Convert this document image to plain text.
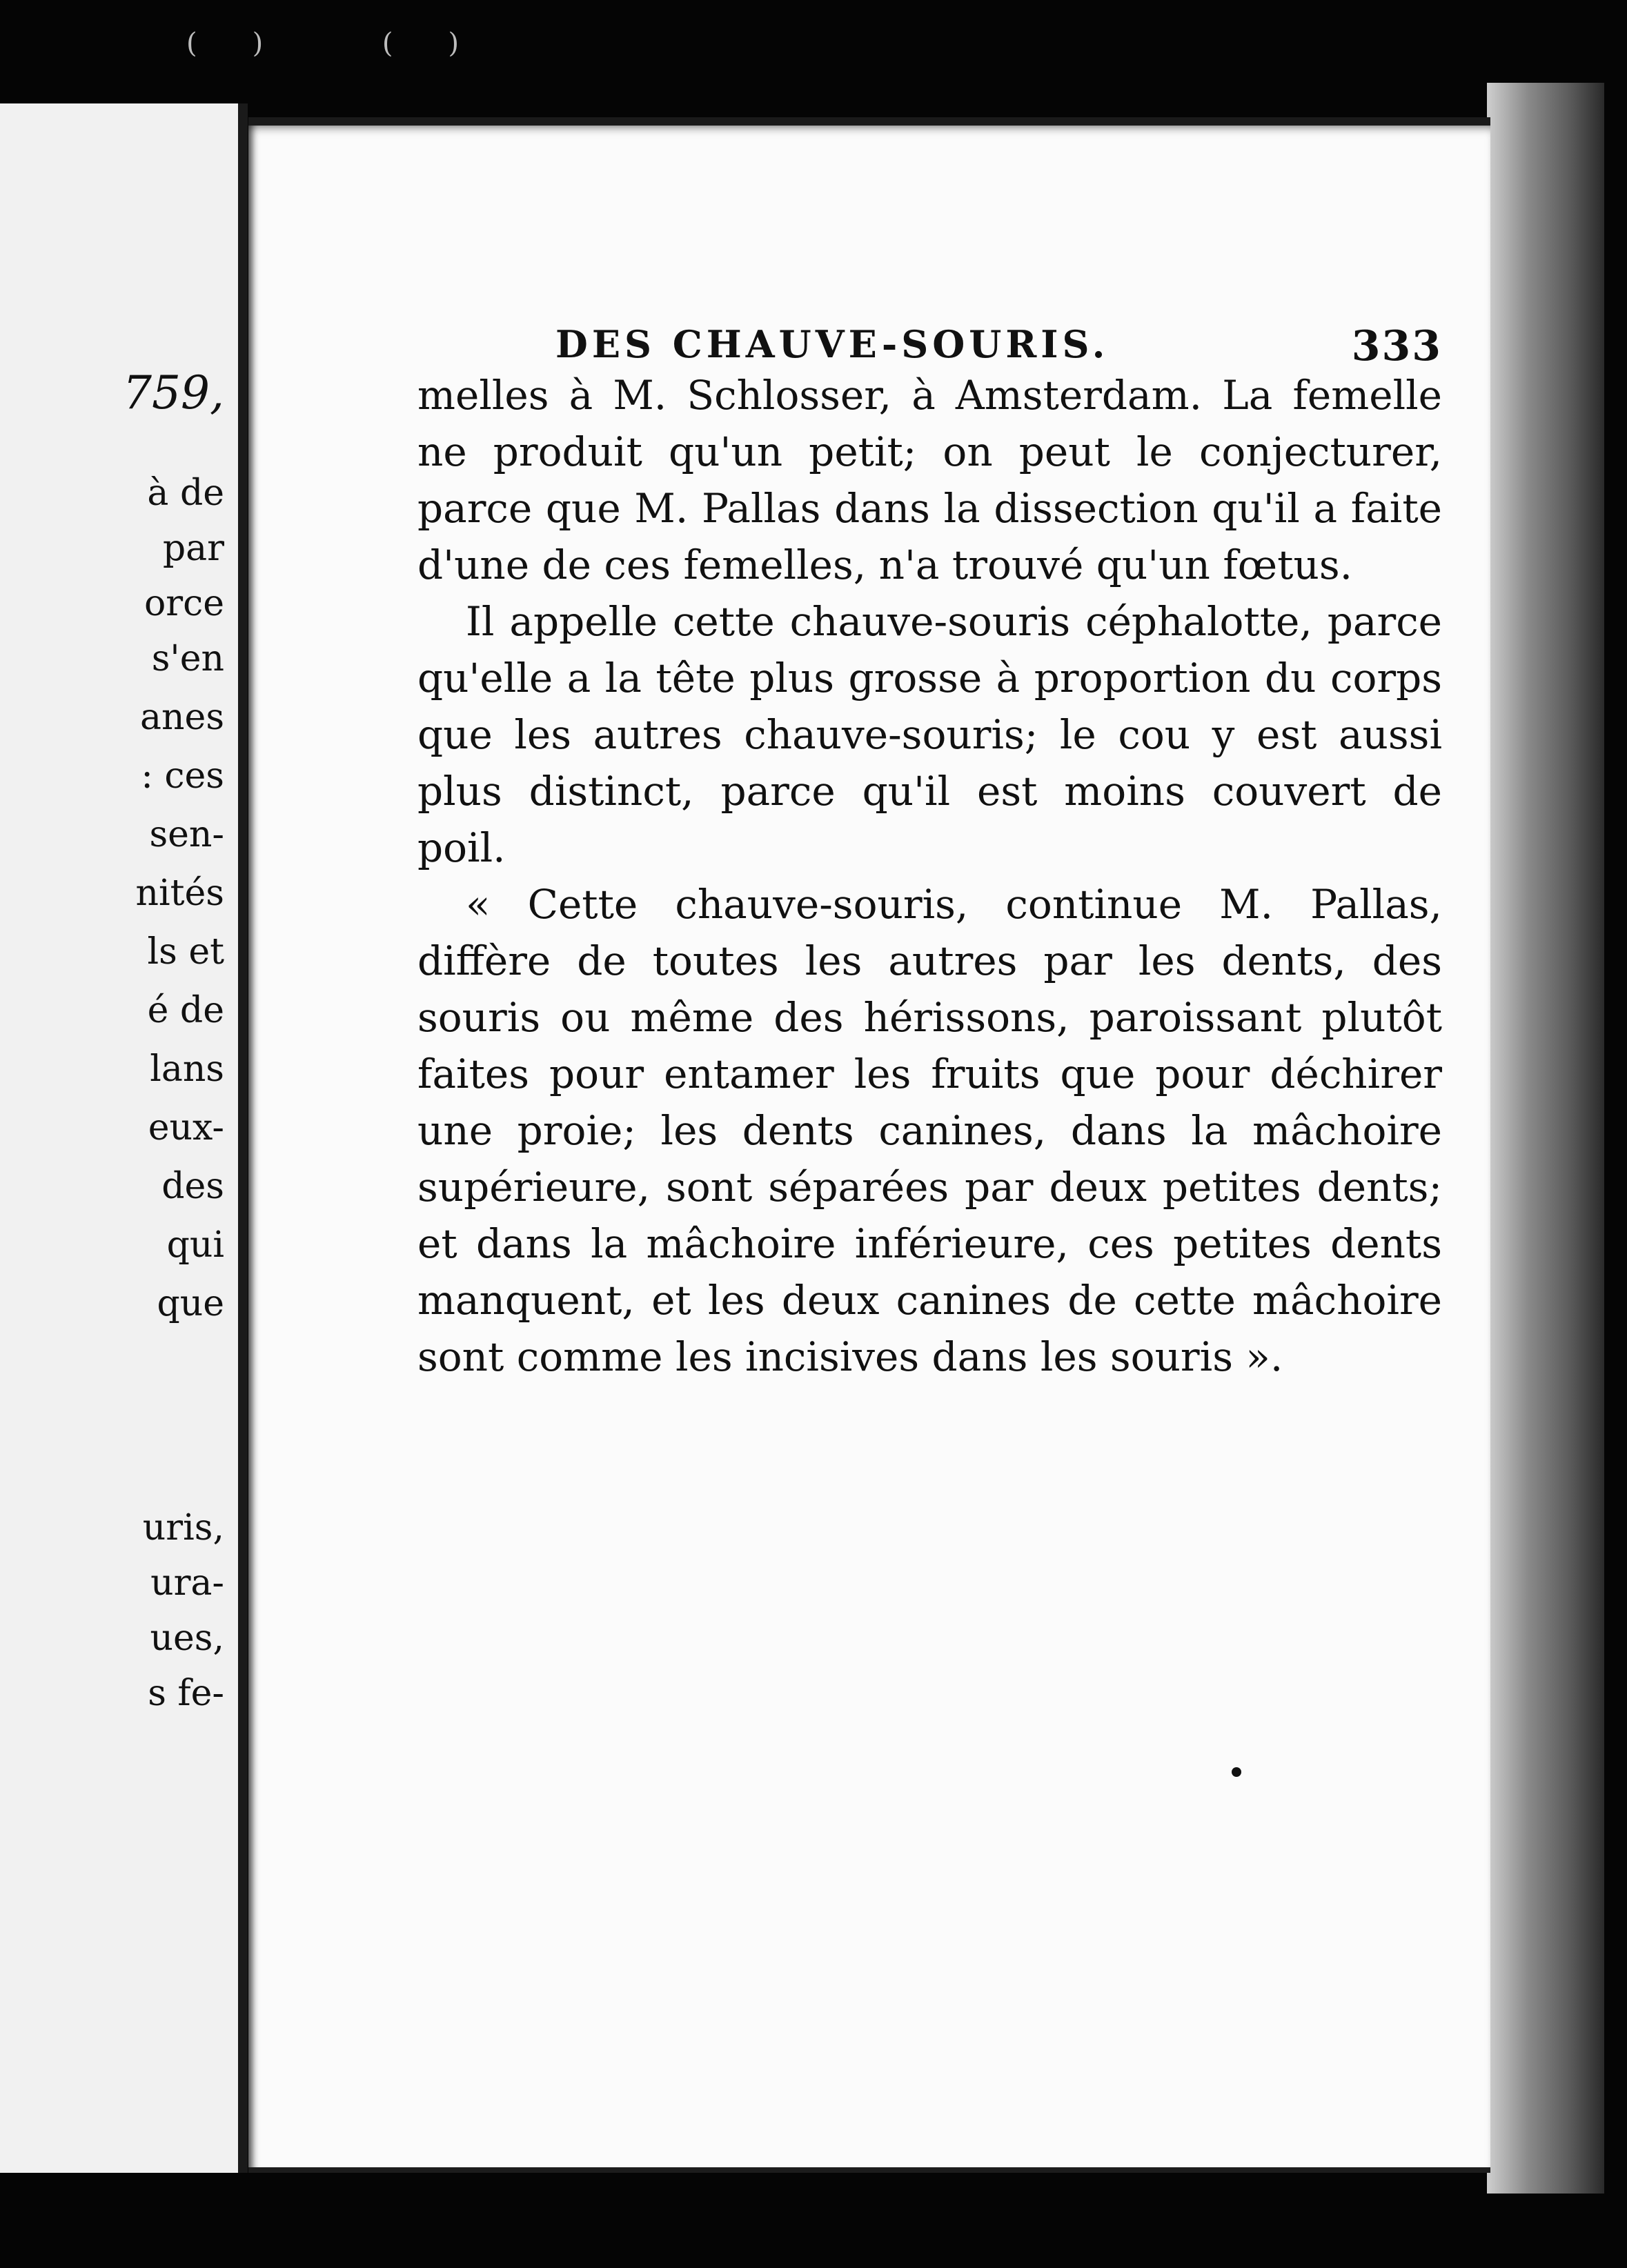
() ()
759,
à de
par
orce
s'en
anes
: ces
sen-
nités
ls et
é de
lans
eux-
des
qui
que
uris,
ura-
ues,
s fe-
DES CHAUVE-SOURIS.	333

melles à M. Schlosser, à Amsterdam. La femelle ne produit qu'un petit; on peut le conjecturer, parce que M. Pallas dans la dissection qu'il a faite d'une de ces femelles, n'a trouvé qu'un fœtus.

Il appelle cette chauve-souris céphalotte, parce qu'elle a la tête plus grosse à proportion du corps que les autres chauve-souris; le cou y est aussi plus distinct, parce qu'il est moins couvert de poil.

« Cette chauve-souris, continue M. Pallas, diffère de toutes les autres par les dents, des souris ou même des hérissons, paroissant plutôt faites pour entamer les fruits que pour déchirer une proie; les dents canines, dans la mâchoire supérieure, sont séparées par deux petites dents; et dans la mâchoire inférieure, ces petites dents manquent, et les deux canines de cette mâchoire sont comme les incisives dans les souris ».
